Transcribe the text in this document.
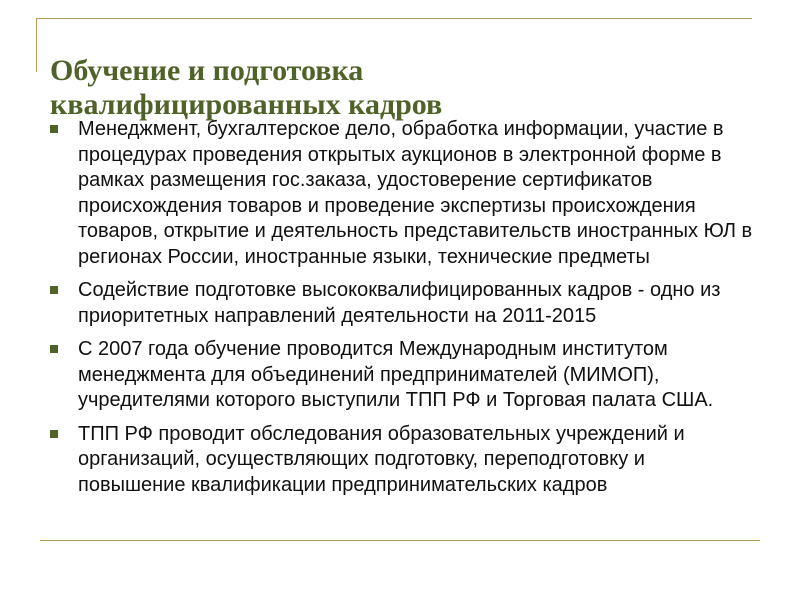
Обучение и подготовка
квалифицированных кадров
Менеджмент, бухгалтерское дело, обработка информации, участие в процедурах проведения открытых аукционов в электронной форме в рамках размещения гос.заказа, удостоверение сертификатов происхождения товаров и проведение экспертизы происхождения товаров, открытие и деятельность представительств иностранных ЮЛ в регионах России, иностранные языки, технические предметы
Содействие подготовке высококвалифицированных кадров - одно из приоритетных направлений деятельности на 2011-2015
С 2007 года обучение проводится Международным институтом менеджмента для объединений предпринимателей (МИМОП), учредителями которого выступили ТПП РФ и Торговая палата США.
ТПП РФ проводит обследования образовательных учреждений и организаций, осуществляющих подготовку, переподготовку и повышение квалификации предпринимательских кадров
